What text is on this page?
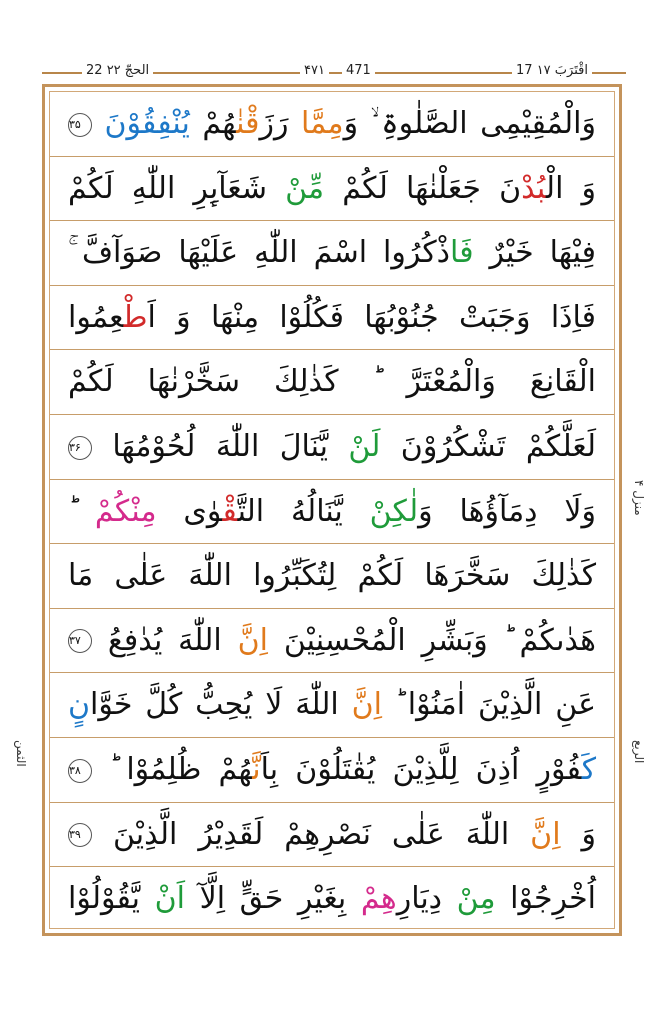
22 الحجّ ۲۲	۴۷۱	471	17 اقْتَرَبَ ۱۷
منزل ۴
الربع
الثمن
وَالْمُقِیْمِی الصَّلٰوۃِ ۙ وَمِمَّا رَزَقْنٰھُمْ یُنْفِقُوْنَ ۳۵
وَ الْبُدْنَ جَعَلْنٰھَا لَكُمْ مِّنْ شَعَآىِٕرِ اللّٰهِ لَكُمْ
فِیْهَا خَیْرٌ فَاذْكُرُوا اسْمَ اللّٰهِ عَلَیْهَا صَوَآفَّ ۚ
فَاِذَا وَجَبَتْ جُنُوْبُهَا فَكُلُوْا مِنْهَا وَ اَطْعِمُوا
الْقَانِعَ وَالْمُعْتَرَّ ؕ كَذٰلِكَ سَخَّرْنٰهَا لَكُمْ
لَعَلَّكُمْ تَشْكُرُوْنَ لَنْ یَّنَالَ اللّٰهَ لُحُوْمُهَا ۳۶
وَلَا دِمَآؤُهَا وَلٰكِنْ یَّنَالُهُ التَّقْوٰى مِنْكُمْ ؕ
كَذٰلِكَ سَخَّرَهَا لَكُمْ لِتُكَبِّرُوا اللّٰهَ عَلٰى مَا
هَدٰىكُمْ ؕ وَبَشِّرِ الْمُحْسِنِیْنَ اِنَّ اللّٰهَ یُدٰفِعُ ۳۷
عَنِ الَّذِیْنَ اٰمَنُوْا ؕ اِنَّ اللّٰهَ لَا یُحِبُّ كُلَّ خَوَّانٍ
كَفُوْرٍ اُذِنَ لِلَّذِیْنَ یُقٰتَلُوْنَ بِاَنَّهُمْ ظُلِمُوْا ؕ ۳۸
وَ اِنَّ اللّٰهَ عَلٰى نَصْرِهِمْ لَقَدِیْرُ الَّذِیْنَ ۳۹
اُخْرِجُوْا مِنْ دِیَارِهِمْ بِغَیْرِ حَقٍّ اِلَّآ اَنْ یَّقُوْلُوْا
